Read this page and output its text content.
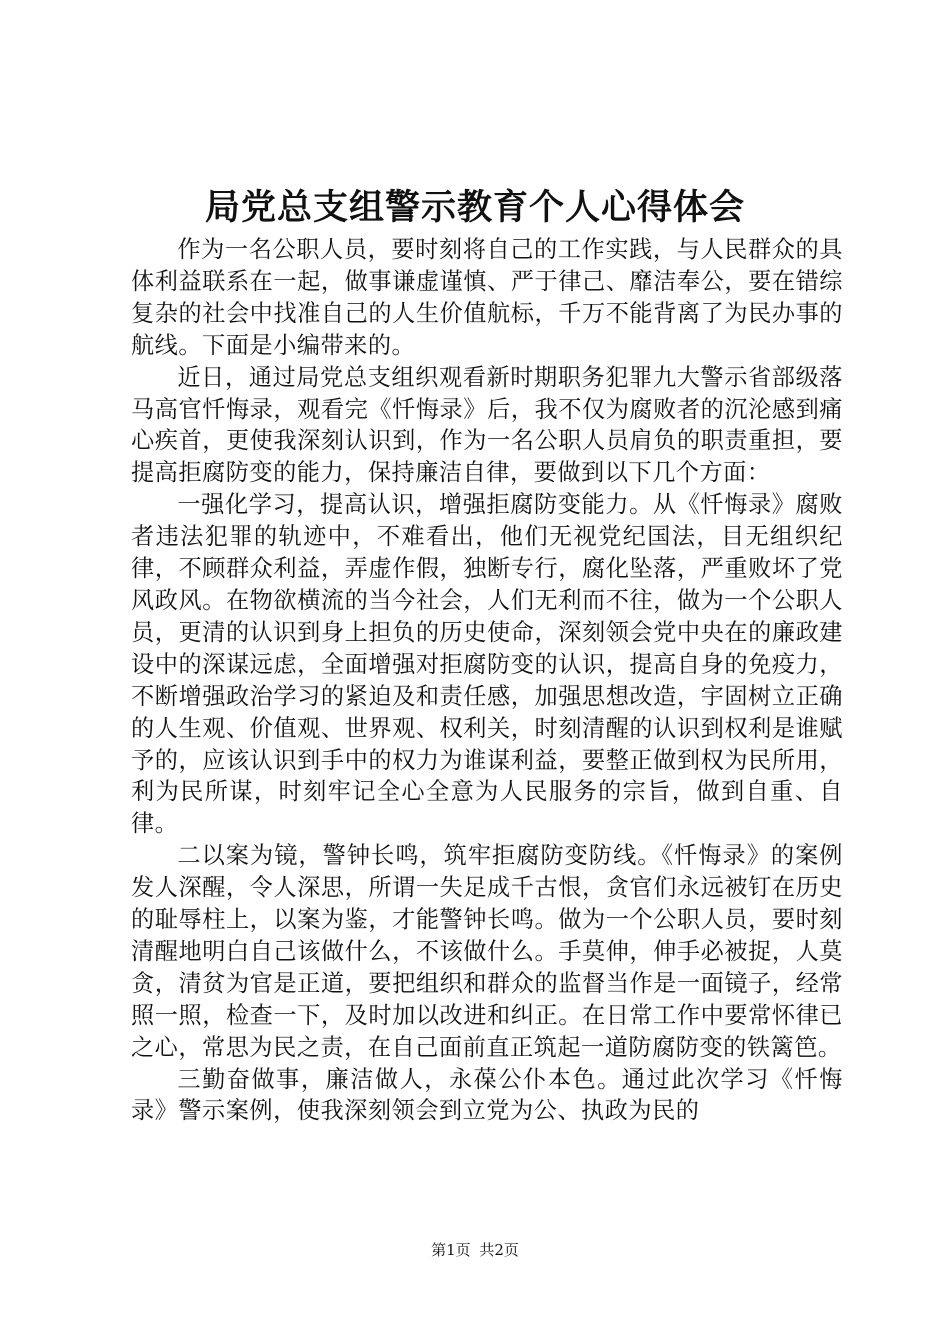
局党总支组警示教育个人心得体会

作为一名公职人员，要时刻将自己的工作实践，与人民群众的具体利益联系在一起，做事谦虚谨慎、严于律己、靡洁奉公，要在错综复杂的社会中找准自己的人生价值航标，千万不能背离了为民办事的航线。下面是小编带来的。

近日，通过局党总支组织观看新时期职务犯罪九大警示省部级落马高官忏悔录，观看完《忏悔录》后，我不仅为腐败者的沉沦感到痛心疾首，更使我深刻认识到，作为一名公职人员肩负的职责重担，要提高拒腐防变的能力，保持廉洁自律，要做到以下几个方面：

一强化学习，提高认识，增强拒腐防变能力。从《忏悔录》腐败者违法犯罪的轨迹中，不难看出，他们无视党纪国法，目无组织纪律，不顾群众利益，弄虚作假，独断专行，腐化坠落，严重败坏了党风政风。在物欲横流的当今社会，人们无利而不往，做为一个公职人员，更清的认识到身上担负的历史使命，深刻领会党中央在的廉政建设中的深谋远虑，全面增强对拒腐防变的认识，提高自身的免疫力，不断增强政治学习的紧迫及和责任感，加强思想改造，宇固树立正确的人生观、价值观、世界观、权利关，时刻清醒的认识到权利是谁赋予的，应该认识到手中的权力为谁谋利益，要整正做到权为民所用，利为民所谋，时刻牢记全心全意为人民服务的宗旨，做到自重、自律。

二以案为镜，警钟长鸣，筑牢拒腐防变防线。《忏悔录》的案例发人深醒，令人深思，所谓一失足成千古恨，贪官们永远被钉在历史的耻辱柱上，以案为鉴，才能警钟长鸣。做为一个公职人员，要时刻清醒地明白自己该做什么，不该做什么。手莫伸，伸手必被捉，人莫贪，清贫为官是正道，要把组织和群众的监督当作是一面镜子，经常照一照，检查一下，及时加以改进和纠正。在日常工作中要常怀律已之心，常思为民之责，在自己面前直正筑起一道防腐防变的铁篱笆。

三勤奋做事，廉洁做人，永葆公仆本色。通过此次学习《忏悔录》警示案例，使我深刻领会到立党为公、执政为民的

第1页 共2页
